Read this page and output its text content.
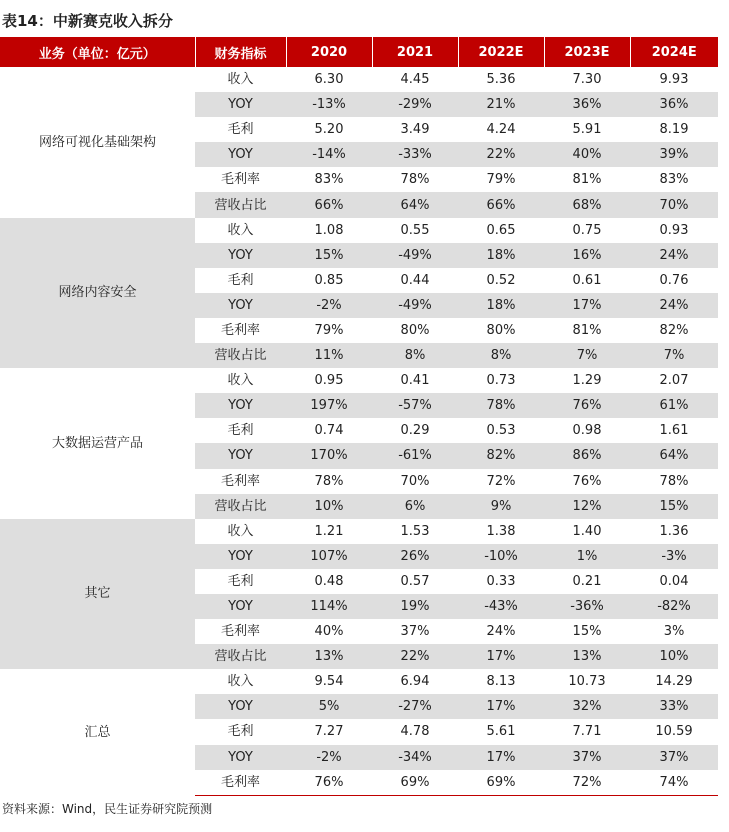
表14：中新赛克收入拆分
业务（单位：亿元）	财务指标	2020	2021	2022E	2023E	2024E
网络可视化基础架构	收入	6.30	4.45	5.36	7.30	9.93
	YOY	-13%	-29%	21%	36%	36%
	毛利	5.20	3.49	4.24	5.91	8.19
	YOY	-14%	-33%	22%	40%	39%
	毛利率	83%	78%	79%	81%	83%
	营收占比	66%	64%	66%	68%	70%
网络内容安全	收入	1.08	0.55	0.65	0.75	0.93
	YOY	15%	-49%	18%	16%	24%
	毛利	0.85	0.44	0.52	0.61	0.76
	YOY	-2%	-49%	18%	17%	24%
	毛利率	79%	80%	80%	81%	82%
	营收占比	11%	8%	8%	7%	7%
大数据运营产品	收入	0.95	0.41	0.73	1.29	2.07
	YOY	197%	-57%	78%	76%	61%
	毛利	0.74	0.29	0.53	0.98	1.61
	YOY	170%	-61%	82%	86%	64%
	毛利率	78%	70%	72%	76%	78%
	营收占比	10%	6%	9%	12%	15%
其它	收入	1.21	1.53	1.38	1.40	1.36
	YOY	107%	26%	-10%	1%	-3%
	毛利	0.48	0.57	0.33	0.21	0.04
	YOY	114%	19%	-43%	-36%	-82%
	毛利率	40%	37%	24%	15%	3%
	营收占比	13%	22%	17%	13%	10%
汇总	收入	9.54	6.94	8.13	10.73	14.29
	YOY	5%	-27%	17%	32%	33%
	毛利	7.27	4.78	5.61	7.71	10.59
	YOY	-2%	-34%	17%	37%	37%
	毛利率	76%	69%	69%	72%	74%
资料来源：Wind，民生证券研究院预测
